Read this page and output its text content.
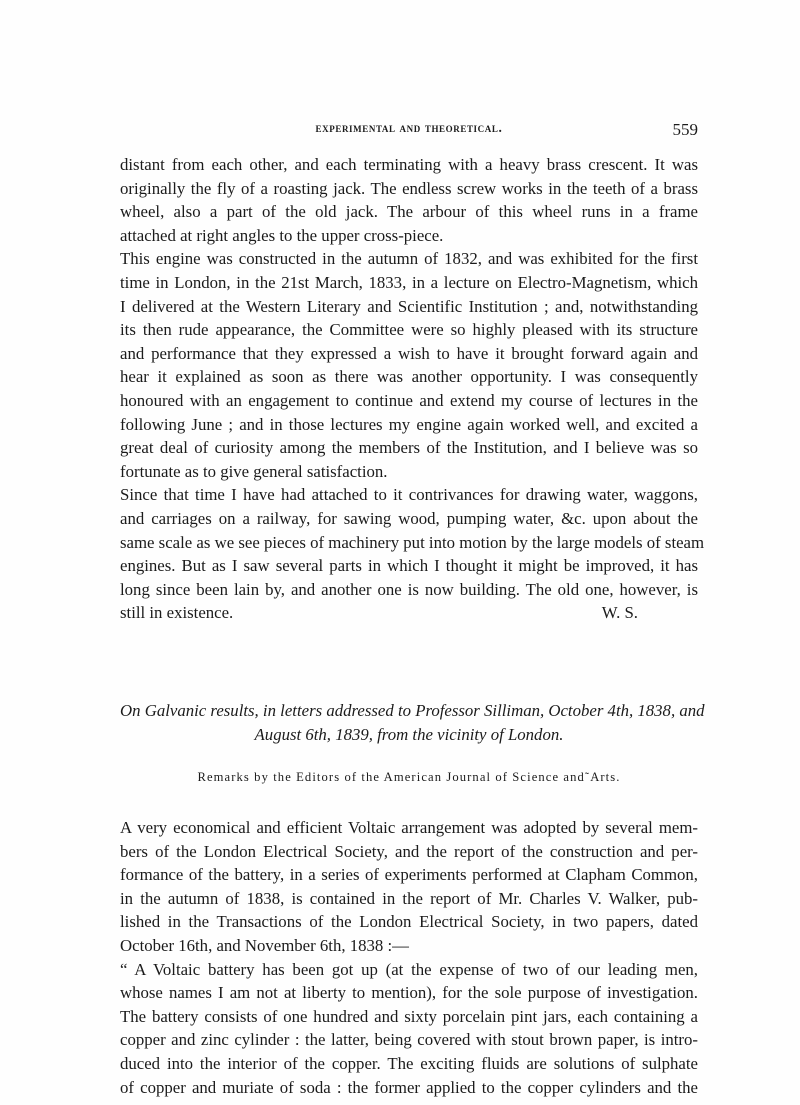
experimental and theoretical.	559
distant from each other, and each terminating with a heavy brass crescent. It was
originally the fly of a roasting jack. The endless screw works in the teeth of a brass
wheel, also a part of the old jack. The arbour of this wheel runs in a frame
attached at right angles to the upper cross-piece.
This engine was constructed in the autumn of 1832, and was exhibited for the first
time in London, in the 21st March, 1833, in a lecture on Electro-Magnetism, which
I delivered at the Western Literary and Scientific Institution ; and, notwithstanding
its then rude appearance, the Committee were so highly pleased with its structure
and performance that they expressed a wish to have it brought forward again and
hear it explained as soon as there was another opportunity. I was consequently
honoured with an engagement to continue and extend my course of lectures in the
following June ; and in those lectures my engine again worked well, and excited a
great deal of curiosity among the members of the Institution, and I believe was so
fortunate as to give general satisfaction.
Since that time I have had attached to it contrivances for drawing water, waggons,
and carriages on a railway, for sawing wood, pumping water, &c. upon about the
same scale as we see pieces of machinery put into motion by the large models of steam
engines. But as I saw several parts in which I thought it might be improved, it has
long since been lain by, and another one is now building. The old one, however, is
still in existence.	W. S.
On Galvanic results, in letters addressed to Professor Silliman, October 4th, 1838, and
August 6th, 1839, from the vicinity of London.
Remarks by the Editors of the American Journal of Science and˜Arts.
A very economical and efficient Voltaic arrangement was adopted by several mem-
bers of the London Electrical Society, and the report of the construction and per-
formance of the battery, in a series of experiments performed at Clapham Common,
in the autumn of 1838, is contained in the report of Mr. Charles V. Walker, pub-
lished in the Transactions of the London Electrical Society, in two papers, dated
October 16th, and November 6th, 1838 :—
“ A Voltaic battery has been got up (at the expense of two of our leading men,
whose names I am not at liberty to mention), for the sole purpose of investigation.
The battery consists of one hundred and sixty porcelain pint jars, each containing a
copper and zinc cylinder : the latter, being covered with stout brown paper, is intro-
duced into the interior of the copper. The exciting fluids are solutions of sulphate
of copper and muriate of soda : the former applied to the copper cylinders and the
